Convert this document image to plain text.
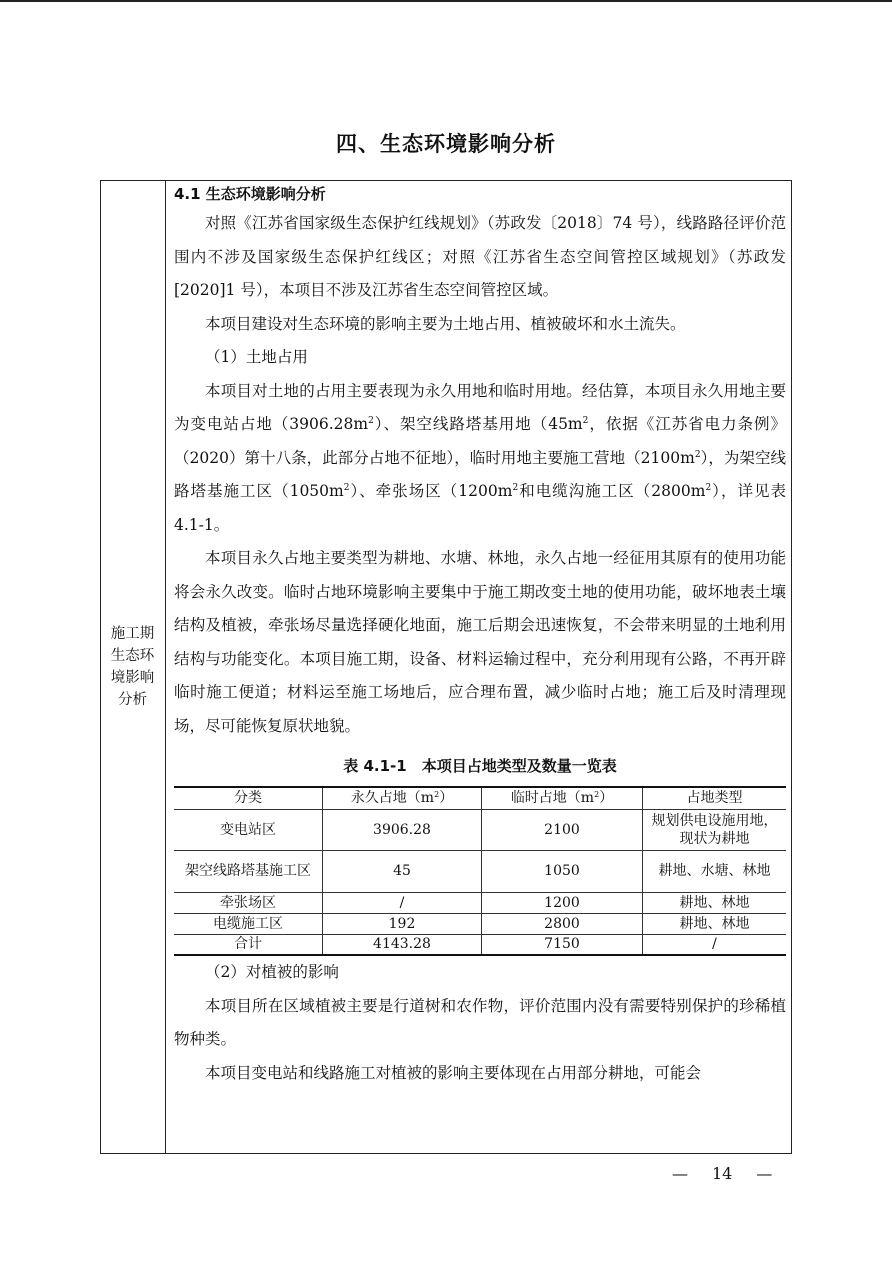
四、生态环境影响分析
施工期
生态环
境影响
分析
4.1 生态环境影响分析

对照《江苏省国家级生态保护红线规划》（苏政发〔2018〕74 号），线路路径评价范围内不涉及国家级生态保护红线区；对照《江苏省生态空间管控区域规划》（苏政发[2020]1 号），本项目不涉及江苏省生态空间管控区域。

本项目建设对生态环境的影响主要为土地占用、植被破坏和水土流失。

（1）土地占用

本项目对土地的占用主要表现为永久用地和临时用地。经估算，本项目永久用地主要为变电站占地$(3906.28m^2)$、架空线路塔基用地（$45m^2$，依据《江苏省电力条例》（2020）第十八条，此部分占地不征地），临时用地主要施工营地$(2100m^2)$，为架空线路塔基施工区$(1050m^2)$、牵张场区（$1200m^2$和电缆沟施工区$(2800m^2)$，详见表 4.1-1。

本项目永久占地主要类型为耕地、水塘、林地，永久占地一经征用其原有的使用功能将会永久改变。临时占地环境影响主要集中于施工期改变土地的使用功能，破坏地表土壤结构及植被，牵张场尽量选择硬化地面，施工后期会迅速恢复，不会带来明显的土地利用结构与功能变化。本项目施工期，设备、材料运输过程中，充分利用现有公路，不再开辟临时施工便道；材料运至施工场地后，应合理布置，减少临时占地；施工后及时清理现场，尽可能恢复原状地貌。

表 4.1-1　本项目占地类型及数量一览表
分类	永久占地$(m^2)$	临时占地$(m^2)$	占地类型
变电站区	3906.28	2100	规划供电设施用地，现状为耕地
架空线路塔基施工区	45	1050	耕地、水塘、林地
牵张场区	/	1200	耕地、林地
电缆施工区	192	2800	耕地、林地
合计	4143.28	7150	/

（2）对植被的影响

本项目所在区域植被主要是行道树和农作物，评价范围内没有需要特别保护的珍稀植物种类。

本项目变电站和线路施工对植被的影响主要体现在占用部分耕地，可能会

— 14 —
